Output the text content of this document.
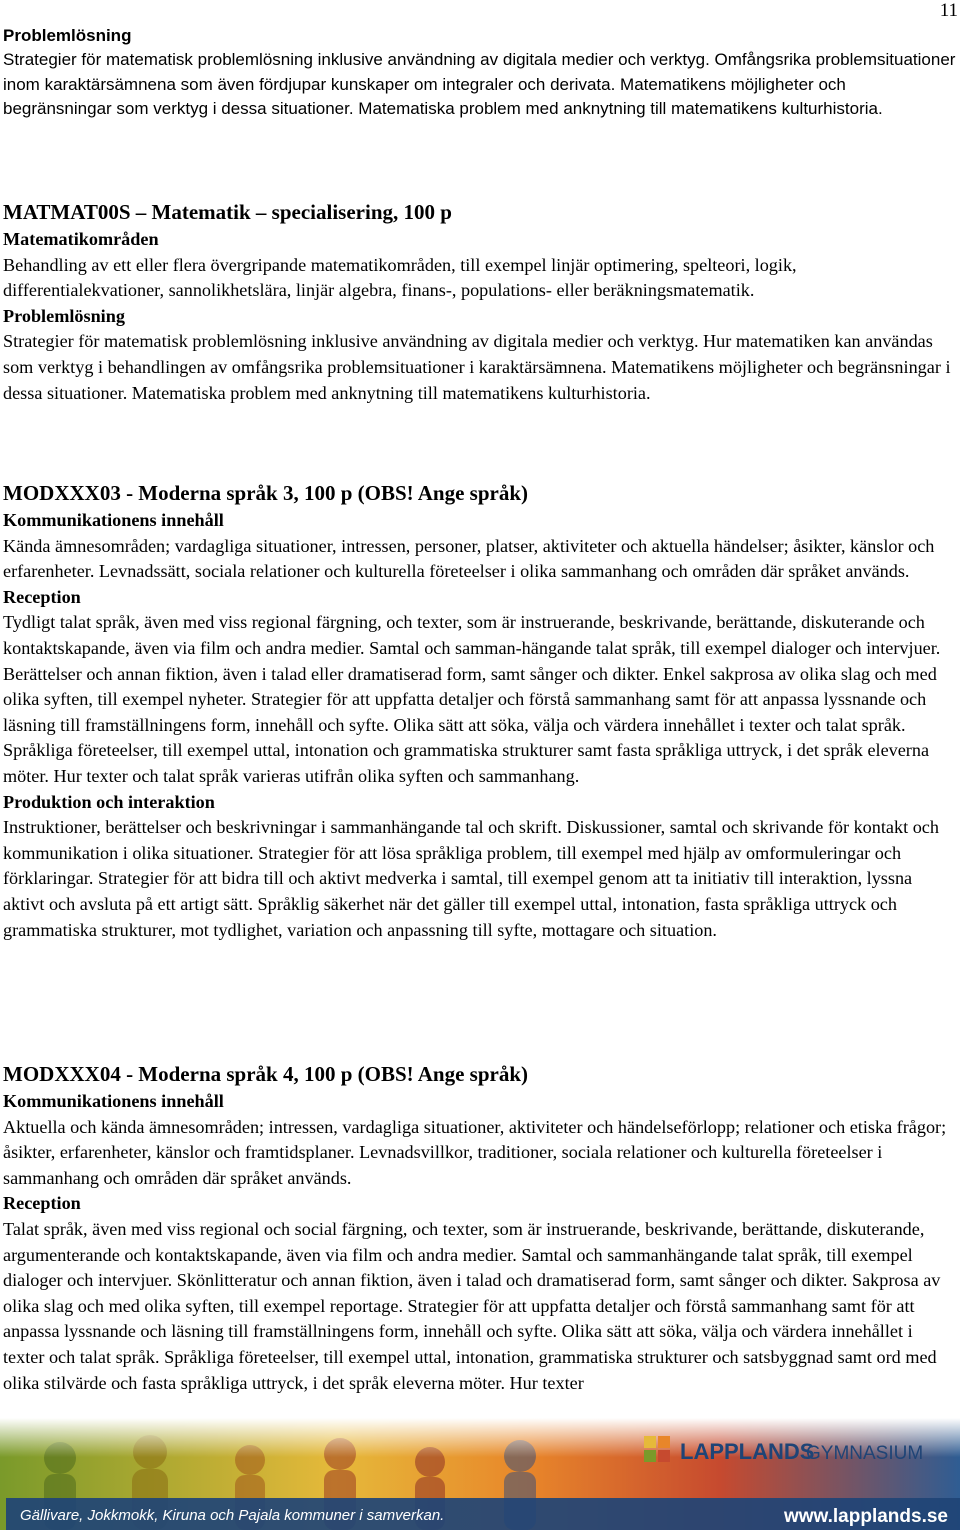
11

Problemlösning

Strategier för matematisk problemlösning inklusive användning av digitala medier och verktyg. Omfångsrika problemsituationer inom karaktärsämnena som även fördjupar kunskaper om integraler och derivata. Matematikens möjligheter och begränsningar som verktyg i dessa situationer. Matematiska problem med anknytning till matematikens kulturhistoria.

MATMAT00S – Matematik – specialisering, 100 p

Matematikområden

Behandling av ett eller flera övergripande matematikområden, till exempel linjär optimering, spelteori, logik, differentialekvationer, sannolikhetslära, linjär algebra, finans-, populations- eller beräkningsmatematik.

Problemlösning

Strategier för matematisk problemlösning inklusive användning av digitala medier och verktyg. Hur matematiken kan användas som verktyg i behandlingen av omfångsrika problemsituationer i karaktärsämnena. Matematikens möjligheter och begränsningar i dessa situationer. Matematiska problem med anknytning till matematikens kulturhistoria.

MODXXX03 - Moderna språk 3, 100 p (OBS! Ange språk)

Kommunikationens innehåll

Kända ämnesområden; vardagliga situationer, intressen, personer, platser, aktiviteter och aktuella händelser; åsikter, känslor och erfarenheter. Levnadssätt, sociala relationer och kulturella företeelser i olika sammanhang och områden där språket används.

Reception

Tydligt talat språk, även med viss regional färgning, och texter, som är instruerande, beskrivande, berättande, diskuterande och kontaktskapande, även via film och andra medier. Samtal och samman-hängande talat språk, till exempel dialoger och intervjuer. Berättelser och annan fiktion, även i talad eller dramatiserad form, samt sånger och dikter. Enkel sakprosa av olika slag och med olika syften, till exempel nyheter. Strategier för att uppfatta detaljer och förstå sammanhang samt för att anpassa lyssnande och läsning till framställningens form, innehåll och syfte. Olika sätt att söka, välja och värdera innehållet i texter och talat språk. Språkliga företeelser, till exempel uttal, intonation och grammatiska strukturer samt fasta språkliga uttryck, i det språk eleverna möter. Hur texter och talat språk varieras utifrån olika syften och sammanhang.

Produktion och interaktion

Instruktioner, berättelser och beskrivningar i sammanhängande tal och skrift. Diskussioner, samtal och skrivande för kontakt och kommunikation i olika situationer. Strategier för att lösa språkliga problem, till exempel med hjälp av omformuleringar och förklaringar. Strategier för att bidra till och aktivt medverka i samtal, till exempel genom att ta initiativ till interaktion, lyssna aktivt och avsluta på ett artigt sätt. Språklig säkerhet när det gäller till exempel uttal, intonation, fasta språkliga uttryck och grammatiska strukturer, mot tydlighet, variation och anpassning till syfte, mottagare och situation.

MODXXX04 - Moderna språk 4, 100 p (OBS! Ange språk)

Kommunikationens innehåll

Aktuella och kända ämnesområden; intressen, vardagliga situationer, aktiviteter och händelseförlopp; relationer och etiska frågor; åsikter, erfarenheter, känslor och framtidsplaner. Levnadsvillkor, traditioner, sociala relationer och kulturella företeelser i sammanhang och områden där språket används.

Reception

Talat språk, även med viss regional och social färgning, och texter, som är instruerande, beskrivande, berättande, diskuterande, argumenterande och kontaktskapande, även via film och andra medier. Samtal och sammanhängande talat språk, till exempel dialoger och intervjuer. Skönlitteratur och annan fiktion, även i talad och dramatiserad form, samt sånger och dikter. Sakprosa av olika slag och med olika syften, till exempel reportage. Strategier för att uppfatta detaljer och förstå sammanhang samt för att anpassa lyssnande och läsning till framställningens form, innehåll och syfte. Olika sätt att söka, välja och värdera innehållet i texter och talat språk. Språkliga företeelser, till exempel uttal, intonation, grammatiska strukturer och satsbyggnad samt ord med olika stilvärde och fasta språkliga uttryck, i det språk eleverna möter. Hur texter

LAPPLANDS
GYMNASIUM
Gällivare, Jokkmokk, Kiruna och Pajala kommuner i samverkan.	www.lapplands.se
